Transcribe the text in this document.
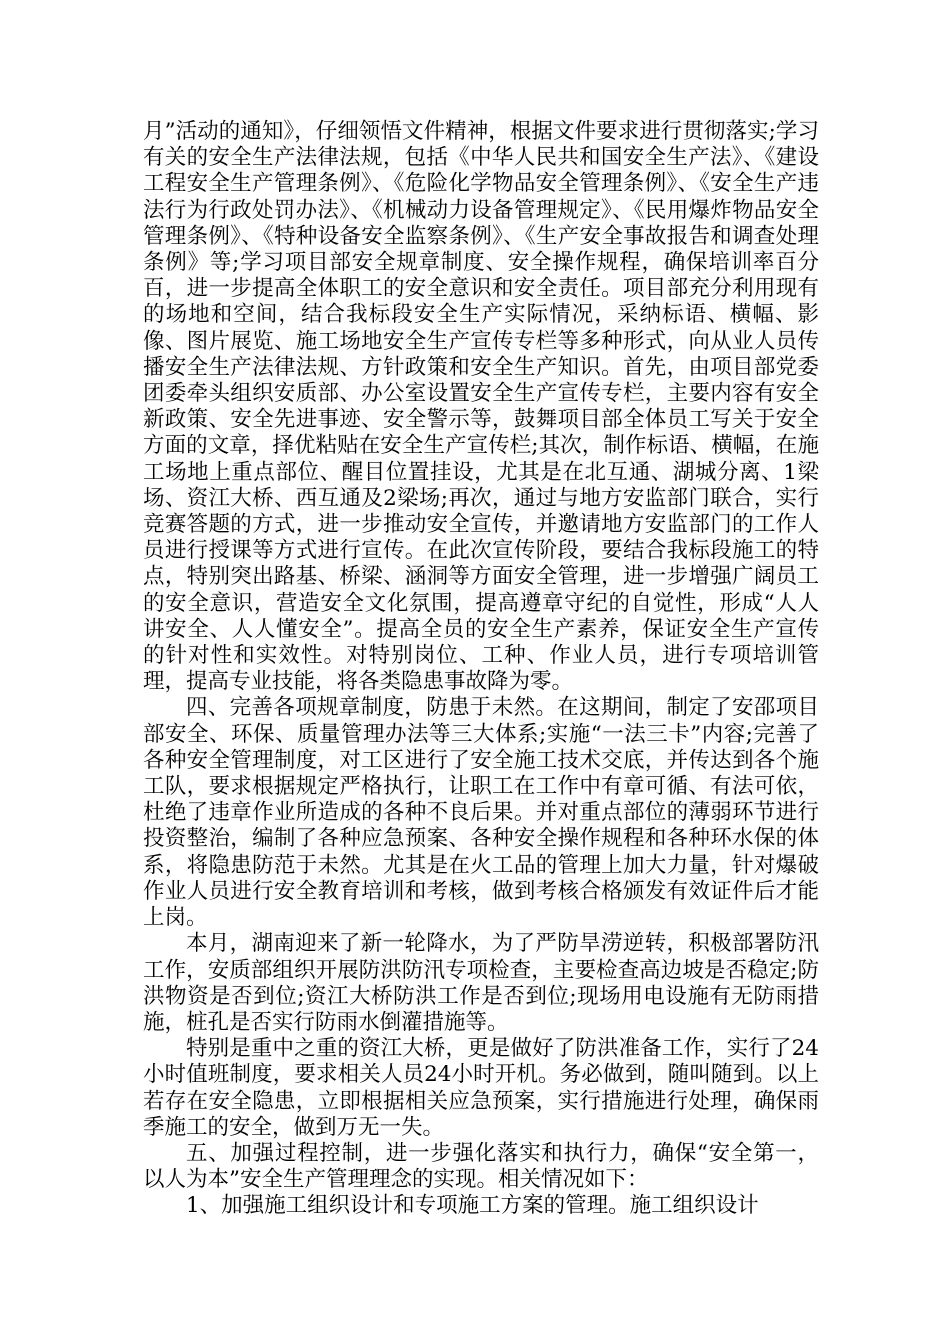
月”活动的通知》，仔细领悟文件精神，根据文件要求进行贯彻落实;学习有关的安全生产法律法规，包括《中华人民共和国安全生产法》、《建设工程安全生产管理条例》、《危险化学物品安全管理条例》、《安全生产违法行为行政处罚办法》、《机械动力设备管理规定》、《民用爆炸物品安全管理条例》、《特种设备安全监察条例》、《生产安全事故报告和调查处理条例》等;学习项目部安全规章制度、安全操作规程，确保培训率百分百，进一步提高全体职工的安全意识和安全责任。项目部充分利用现有的场地和空间，结合我标段安全生产实际情况，采纳标语、横幅、影像、图片展览、施工场地安全生产宣传专栏等多种形式，向从业人员传播安全生产法律法规、方针政策和安全生产知识。首先，由项目部党委团委牵头组织安质部、办公室设置安全生产宣传专栏，主要内容有安全新政策、安全先进事迹、安全警示等，鼓舞项目部全体员工写关于安全方面的文章，择优粘贴在安全生产宣传栏;其次，制作标语、横幅，在施工场地上重点部位、醒目位置挂设，尤其是在北互通、湖城分离、1梁场、资江大桥、西互通及2梁场;再次，通过与地方安监部门联合，实行竞赛答题的方式，进一步推动安全宣传，并邀请地方安监部门的工作人员进行授课等方式进行宣传。在此次宣传阶段，要结合我标段施工的特点，特别突出路基、桥梁、涵洞等方面安全管理，进一步增强广阔员工的安全意识，营造安全文化氛围，提高遵章守纪的自觉性，形成“人人讲安全、人人懂安全”。提高全员的安全生产素养，保证安全生产宣传的针对性和实效性。对特别岗位、工种、作业人员，进行专项培训管理，提高专业技能，将各类隐患事故降为零。

四、完善各项规章制度，防患于未然。在这期间，制定了安邵项目部安全、环保、质量管理办法等三大体系;实施“一法三卡”内容;完善了各种安全管理制度，对工区进行了安全施工技术交底，并传达到各个施工队，要求根据规定严格执行，让职工在工作中有章可循、有法可依，杜绝了违章作业所造成的各种不良后果。并对重点部位的薄弱环节进行投资整治，编制了各种应急预案、各种安全操作规程和各种环水保的体系，将隐患防范于未然。尤其是在火工品的管理上加大力量，针对爆破作业人员进行安全教育培训和考核，做到考核合格颁发有效证件后才能上岗。

本月，湖南迎来了新一轮降水，为了严防旱涝逆转，积极部署防汛工作，安质部组织开展防洪防汛专项检查，主要检查高边坡是否稳定;防洪物资是否到位;资江大桥防洪工作是否到位;现场用电设施有无防雨措施，桩孔是否实行防雨水倒灌措施等。

特别是重中之重的资江大桥，更是做好了防洪准备工作，实行了24小时值班制度，要求相关人员24小时开机。务必做到，随叫随到。以上若存在安全隐患，立即根据相关应急预案，实行措施进行处理，确保雨季施工的安全，做到万无一失。

五、加强过程控制，进一步强化落实和执行力，确保“安全第一，以人为本”安全生产管理理念的实现。相关情况如下：

1、加强施工组织设计和专项施工方案的管理。施工组织设计
